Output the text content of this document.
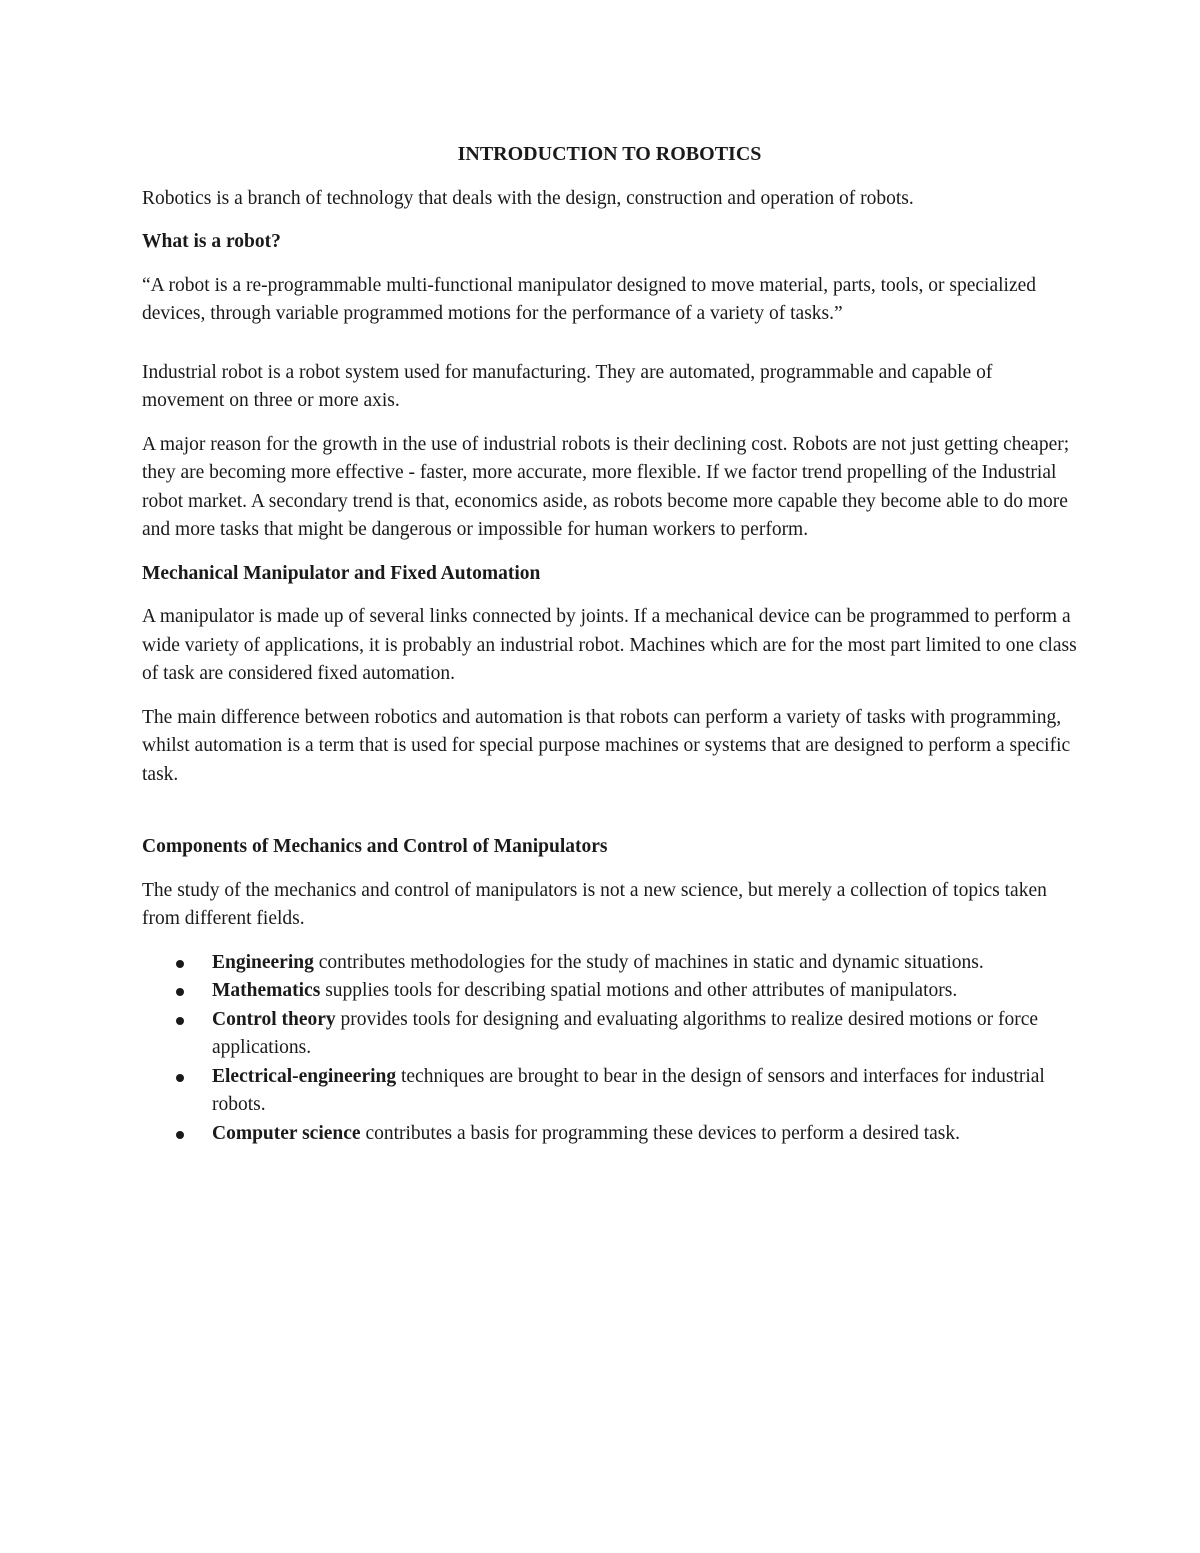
INTRODUCTION TO ROBOTICS

Robotics is a branch of technology that deals with the design, construction and operation of robots.

What is a robot?

“A robot is a re-programmable multi-functional manipulator designed to move material, parts, tools, or specialized devices, through variable programmed motions for the performance of a variety of tasks.”

Industrial robot is a robot system used for manufacturing. They are automated, programmable and capable of movement on three or more axis.

A major reason for the growth in the use of industrial robots is their declining cost. Robots are not just getting cheaper; they are becoming more effective - faster, more accurate, more flexible. If we factor trend propelling of the Industrial robot market. A secondary trend is that, economics aside, as robots become more capable they become able to do more and more tasks that might be dangerous or impossible for human workers to perform.

Mechanical Manipulator and Fixed Automation

A manipulator is made up of several links connected by joints. If a mechanical device can be programmed to perform a wide variety of applications, it is probably an industrial robot. Machines which are for the most part limited to one class of task are considered fixed automation.

The main difference between robotics and automation is that robots can perform a variety of tasks with programming, whilst automation is a term that is used for special purpose machines or systems that are designed to perform a specific task.

Components of Mechanics and Control of Manipulators

The study of the mechanics and control of manipulators is not a new science, but merely a collection of topics taken from different fields.

Engineering contributes methodologies for the study of machines in static and dynamic situations.
Mathematics supplies tools for describing spatial motions and other attributes of manipulators.
Control theory provides tools for designing and evaluating algorithms to realize desired motions or force applications.
Electrical-engineering techniques are brought to bear in the design of sensors and interfaces for industrial robots.
Computer science contributes a basis for programming these devices to perform a desired task.
